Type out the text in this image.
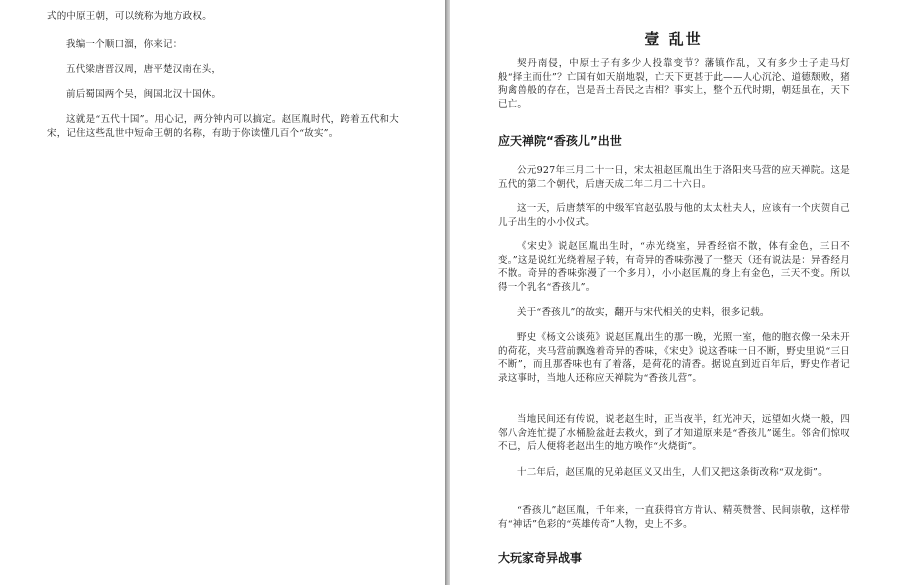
式的中原王朝，可以统称为地方政权。

我编一个顺口溜，你来记：

五代梁唐晋汉周，唐平楚汉南在头，

前后蜀国两个吴，闽国北汉十国休。

这就是“五代十国”。用心记，两分钟内可以搞定。赵匡胤时代，跨着五代和大宋，记住这些乱世中短命王朝的名称，有助于你读懂几百个“故实”。

壹 乱世

契丹南侵，中原士子有多少人投靠变节？藩镇作乱，又有多少士子走马灯般“择主而仕”？亡国有如天崩地裂，亡天下更甚于此——人心沉沦、道德颓败，猪狗禽兽般的存在，岂是吾土吾民之吉相？事实上，整个五代时期，朝廷虽在，天下已亡。

应天禅院“香孩儿”出世

公元927年三月二十一日，宋太祖赵匡胤出生于洛阳夹马营的应天禅院。这是五代的第二个朝代，后唐天成二年二月二十六日。

这一天，后唐禁军的中级军官赵弘殷与他的太太杜夫人，应该有一个庆贺自己儿子出生的小小仪式。

《宋史》说赵匡胤出生时，“赤光绕室，异香经宿不散，体有金色，三日不变。”这是说红光绕着屋子转，有奇异的香味弥漫了一整天（还有说法是：异香经月不散。奇异的香味弥漫了一个多月），小小赵匡胤的身上有金色，三天不变。所以得一个乳名“香孩儿”。

关于“香孩儿”的故实，翻开与宋代相关的史料，很多记载。

野史《杨文公谈苑》说赵匡胤出生的那一晚，光照一室，他的胞衣像一朵未开的荷花，夹马营前飘逸着奇异的香味，《宋史》说这香味一日不断，野史里说“三日不断”，而且那香味也有了着落，是荷花的清香。据说直到近百年后，野史作者记录这事时，当地人还称应天禅院为“香孩儿营”。

当地民间还有传说，说老赵生时，正当夜半，红光冲天，远望如火烧一般，四邻八舍连忙提了水桶脸盆赶去救火，到了才知道原来是“香孩儿”诞生。邻舍们惊叹不已，后人便将老赵出生的地方唤作“火烧街”。

十二年后，赵匡胤的兄弟赵匡义又出生，人们又把这条街改称“双龙街”。

“香孩儿”赵匡胤，千年来，一直获得官方肯认、精英赞誉、民间崇敬，这样带有“神话”色彩的“英雄传奇”人物，史上不多。

大玩家奇异战事
